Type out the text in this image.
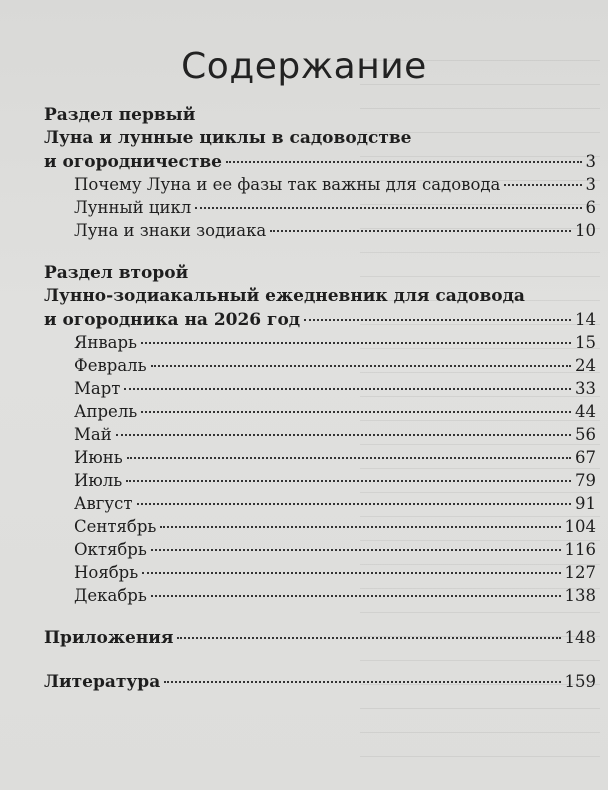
Содержание
Раздел первый
Луна и лунные циклы в садоводстве
и огородничестве	3
Почему Луна и ее фазы так важны для садовода	3
Лунный цикл	6
Луна и знаки зодиака	10
Раздел второй
Лунно-зодиакальный ежедневник для садовода
и огородника на 2026 год	14
Январь	15
Февраль	24
Март	33
Апрель	44
Май	56
Июнь	67
Июль	79
Август	91
Сентябрь	104
Октябрь	116
Ноябрь	127
Декабрь	138
Приложения	148
Литература	159
